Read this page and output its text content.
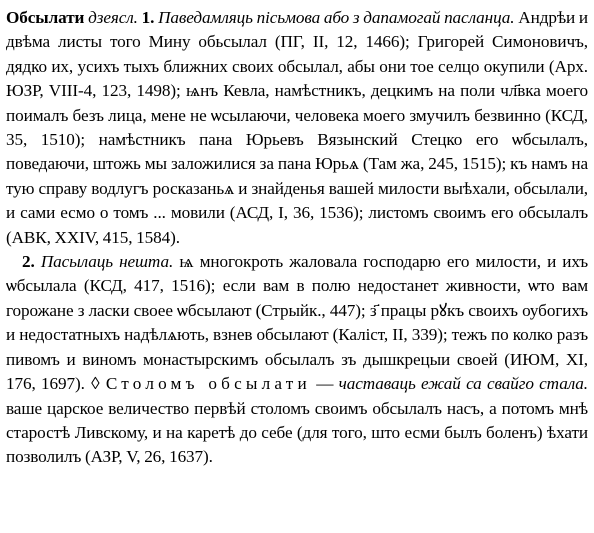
Обсылати дзеясл. 1. Паведамляць пісьмова або з дапамогай пасланца. Андрѣи и двѣма листы того Мину обьсылал (ПГ, II, 12, 1466); Григорей Симоновичъ, дядко их, усихъ тыхъ ближних своих обсылал, абы они тое селцо окупили (Арх. ЮЗР, VIII-4, 123, 1498); ѩнъ Кевла, намѣстникъ, децкимъ на поли чл҃вка моего поималъ безъ лица, мене не ѡсылаючи, человека моего змучилъ безвинно (КСД, 35, 1510); намѣстникъ пана Юрьевъ Вязынский Стецко его ѡбсылалъ, поведаючи, штожь мы заложилися за пана Юрьѧ (Там жа, 245, 1515); къ намъ на тую справу водлугъ росказаньѧ и знайденья вашей милости выѣхали, обсылали, и сами есмо о томъ ... мовили (АСД, I, 36, 1536); листомъ своимъ его обсылалъ (АВК, XXIV, 415, 1584).

2. Пасылаць нешта. ѩ многокроть жаловала господарю его милости, и ихъ ѡбсылала (КСД, 417, 1516); если вам в полю недостанет живности, ѡто вам горожане з ласки своее ѡбсылают (Стрыйк., 447); з҃ працы рꙋкъ своихъ оубогихъ и недостатныхъ надѣлѧють, взнев обсылают (Каліст, II, 339); тежъ по колко разъ пивомъ и виномъ монастырскимъ обсылалъ зъ дышкрецыи своей (ИЮМ, XI, 176, 1697). ◊ Столомъ обсылати — частаваць ежай са свайго стала. ваше царское величество первѣй столомъ своимъ обсылалъ насъ, а потомъ мнѣ старостѣ Ливскому, и на каретѣ до себе (для того, што есми былъ боленъ) ѣхати позволилъ (АЗР, V, 26, 1637).
